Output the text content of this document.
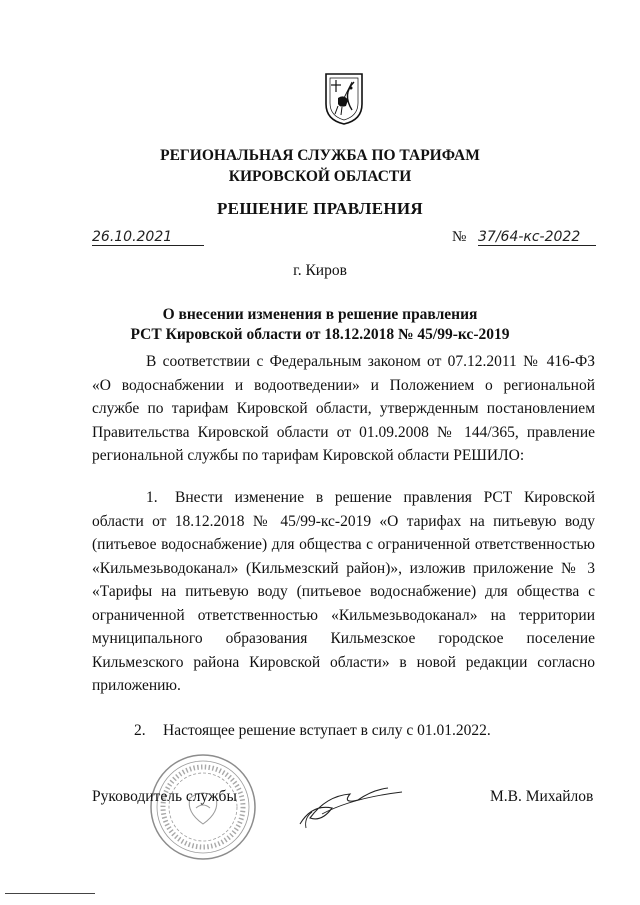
РЕГИОНАЛЬНАЯ СЛУЖБА ПО ТАРИФАМ
КИРОВСКОЙ ОБЛАСТИ
РЕШЕНИЕ ПРАВЛЕНИЯ
26.10.2021	№ 37/64-кс-2022
г. Киров
О внесении изменения в решение правления
РСТ Кировской области от 18.12.2018 № 45/99-кс-2019

В соответствии с Федеральным законом от 07.12.2011 № 416-ФЗ «О водоснабжении и водоотведении» и Положением о региональной службе по тарифам Кировской области, утвержденным постановлением Правительства Кировской области от 01.09.2008 № 144/365, правление региональной службы по тарифам Кировской области РЕШИЛО:

1. Внести изменение в решение правления РСТ Кировской области от 18.12.2018 № 45/99-кс-2019 «О тарифах на питьевую воду (питьевое водоснабжение) для общества с ограниченной ответственностью «Кильмезьводоканал» (Кильмезский район)», изложив приложение № 3 «Тарифы на питьевую воду (питьевое водоснабжение) для общества с ограниченной ответственностью «Кильмезьводоканал» на территории муниципального образования Кильмезское городское поселение Кильмезского района Кировской области» в новой редакции согласно приложению.

2. Настоящее решение вступает в силу с 01.01.2022.

Руководитель службы	М.В. Михайлов
